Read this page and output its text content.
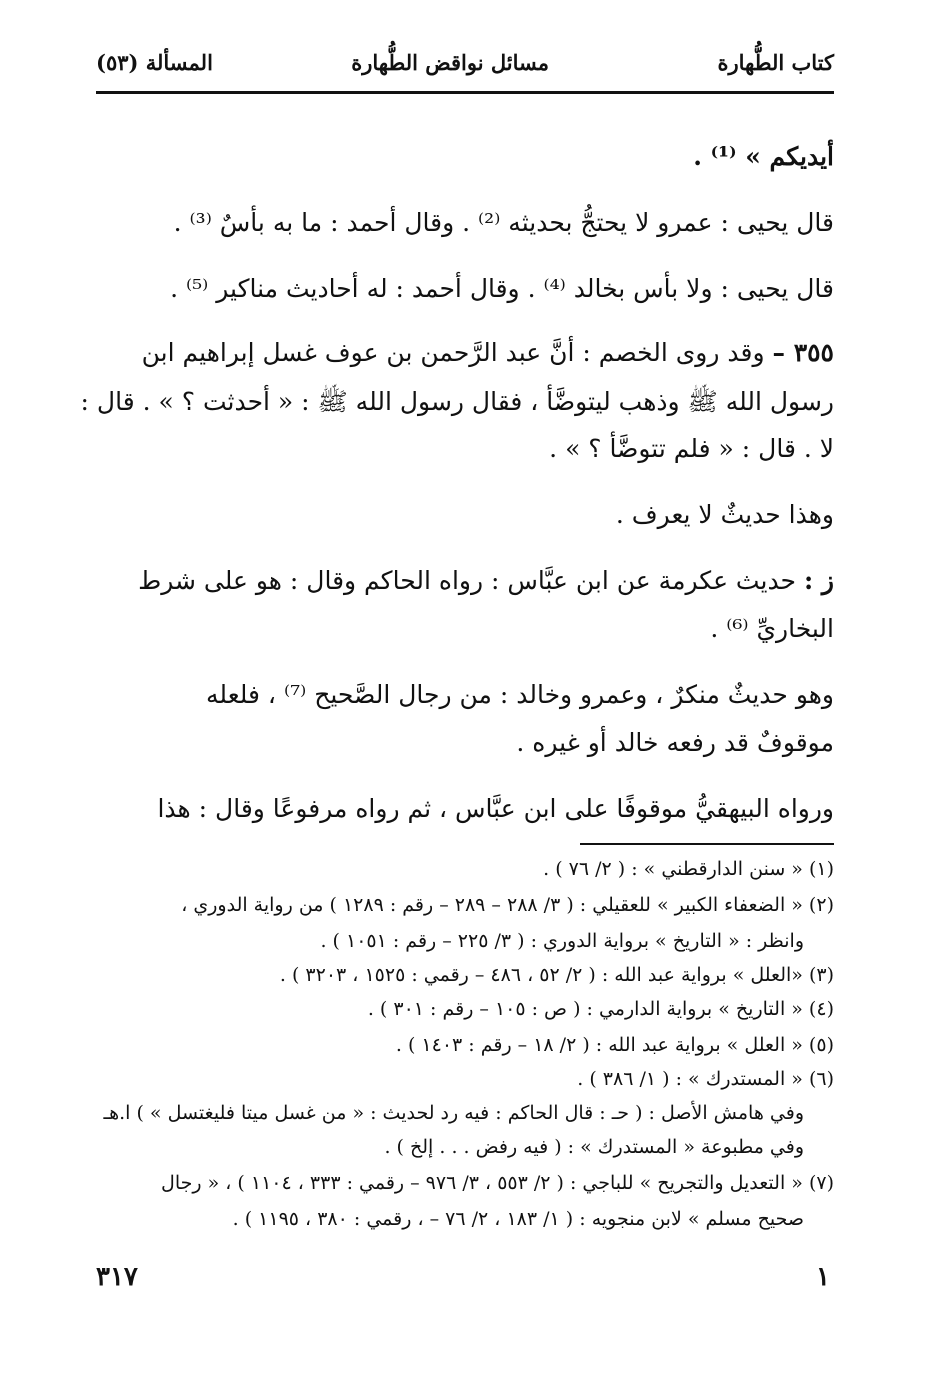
كتاب الطُّهارة
مسائل نواقض الطُّهارة
المسألة (٥٣)
أيديكم » ⁽¹⁾ .
قال يحيى : عمرو لا يحتجُّ بحديثه ⁽²⁾ . وقال أحمد : ما به بأسٌ ⁽³⁾ .
قال يحيى : ولا بأس بخالد ⁽⁴⁾ . وقال أحمد : له أحاديث مناكير ⁽⁵⁾ .
٣٥٥ – وقد روى الخصم : أنَّ عبد الرَّحمن بن عوف غسل إبراهيم ابن
رسول الله ﷺ وذهب ليتوضَّأ ، فقال رسول الله ﷺ : « أحدثت ؟ » . قال :
لا . قال : « فلم تتوضَّأ ؟ » .
وهذا حديثٌ لا يعرف .
ز : حديث عكرمة عن ابن عبَّاس : رواه الحاكم وقال : هو على شرط
البخاريِّ ⁽⁶⁾ .
وهو حديثٌ منكرٌ ، وعمرو وخالد : من رجال الصَّحيح ⁽⁷⁾ ، فلعله
موقوفٌ قد رفعه خالد أو غيره .
ورواه البيهقيُّ موقوفًا على ابن عبَّاس ، ثم رواه مرفوعًا وقال : هذا
(١) « سنن الدارقطني » : ( ٢/ ٧٦ ) .
(٢) « الضعفاء الكبير » للعقيلي : ( ٣/ ٢٨٨ – ٢٨٩ – رقم : ١٢٨٩ ) من رواية الدوري ،
وانظر : « التاريخ » برواية الدوري : ( ٣/ ٢٢٥ – رقم : ١٠٥١ ) .
(٣) «العلل » برواية عبد الله : ( ٢/ ٥٢ ، ٤٨٦ – رقمي : ١٥٢٥ ، ٣٢٠٣ ) .
(٤) « التاريخ » برواية الدارمي : ( ص : ١٠٥ – رقم : ٣٠١ ) .
(٥) « العلل » برواية عبد الله : ( ٢/ ١٨ – رقم : ١٤٠٣ ) .
(٦) « المستدرك » : ( ١/ ٣٨٦ ) .
وفي هامش الأصل : ( حـ : قال الحاكم : فيه رد لحديث : « من غسل ميتا فليغتسل » ) ا.هـ
وفي مطبوعة « المستدرك » : ( فيه رفض . . . إلخ ) .
(٧) « التعديل والتجريح » للباجي : ( ٢/ ٥٥٣ ، ٣/ ٩٧٦ – رقمي : ٣٣٣ ، ١١٠٤ ) ، « رجال
صحيح مسلم » لابن منجويه : ( ١/ ١٨٣ ، ٢/ ٧٦ – ، رقمي : ٣٨٠ ، ١١٩٥ ) .
١
٣١٧
